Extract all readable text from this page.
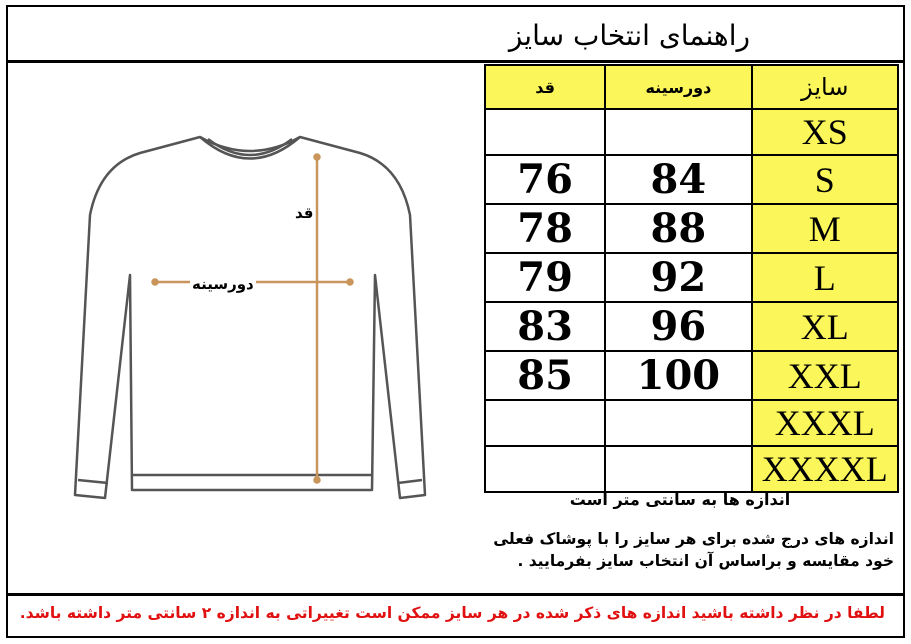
راهنمای انتخاب سایز
قد
دورسینه
قد	دورسینه	سایز
		XS
76	84	S
78	88	M
79	92	L
83	96	XL
85	100	XXL
		XXXL
		XXXXL
اندازه ها به سانتی متر است
اندازه های درج شده برای هر سایز را با پوشاک فعلی
خود مقایسه و براساس آن انتخاب سایز بفرمایید .
لطفا در نظر داشته باشید اندازه های ذکر شده در هر سایز ممکن است تغییراتی به اندازه ۲ سانتی متر داشته باشد.
